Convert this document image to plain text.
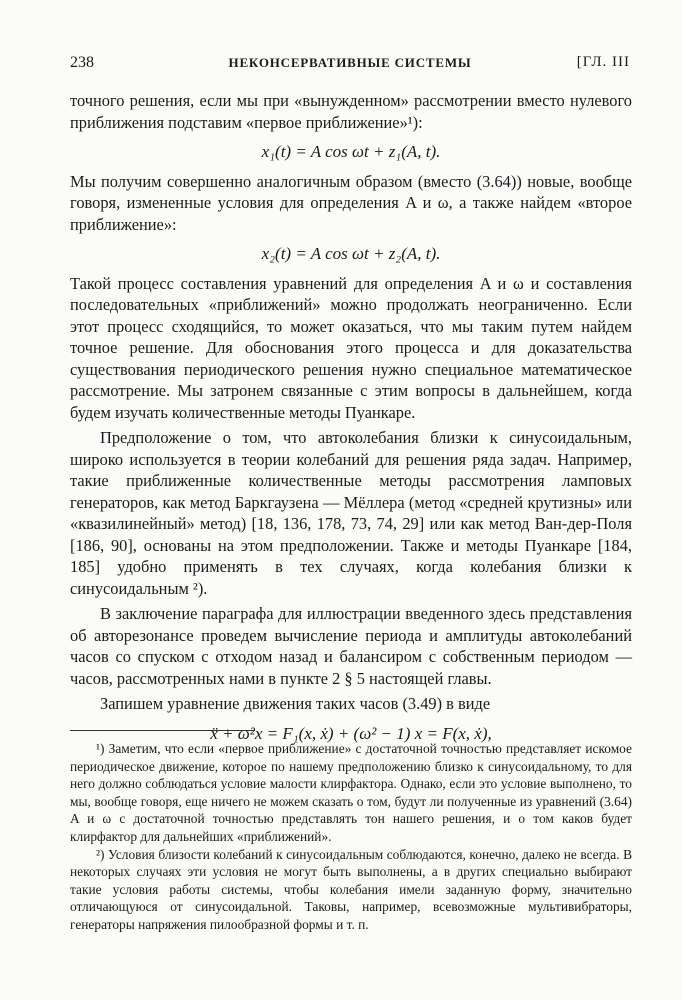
238	НЕКОНСЕРВАТИВНЫЕ СИСТЕМЫ	[ГЛ. III

точного решения, если мы при «вынужденном» рассмотрении вместо нулевого приближения подставим «первое приближение»¹):

x₁(t) = A cos ωt + z₁(A, t).

Мы получим совершенно аналогичным образом (вместо (3.64)) новые, вообще говоря, измененные условия для определения A и ω, а также найдем «второе приближение»:

x₂(t) = A cos ωt + z₂(A, t).

Такой процесс составления уравнений для определения A и ω и составления последовательных «приближений» можно продолжать неограниченно. Если этот процесс сходящийся, то может оказаться, что мы таким путем найдем точное решение. Для обоснования этого процесса и для доказательства существования периодического решения нужно специальное математическое рассмотрение. Мы затронем связанные с этим вопросы в дальнейшем, когда будем изучать количественные методы Пуанкаре.

Предположение о том, что автоколебания близки к синусоидальным, широко используется в теории колебаний для решения ряда задач. Например, такие приближенные количественные методы рассмотрения ламповых генераторов, как метод Баркгаузена — Мёллера (метод «средней крутизны» или «квазилинейный» метод) [18, 136, 178, 73, 74, 29] или как метод Ван-дер-Поля [186, 90], основаны на этом предположении. Также и методы Пуанкаре [184, 185] удобно применять в тех случаях, когда колебания близки к синусоидальным ²).

В заключение параграфа для иллюстрации введенного здесь представления об авторезонансе проведем вычисление периода и амплитуды автоколебаний часов со спуском с отходом назад и балансиром с собственным периодом — часов, рассмотренных нами в пункте 2 § 5 настоящей главы.

Запишем уравнение движения таких часов (3.49) в виде

ẍ + ω²x = F₁(x, ẋ) + (ω² − 1) x = F(x, ẋ),

¹) Заметим, что если «первое приближение» с достаточной точностью представляет искомое периодическое движение, которое по нашему предположению близко к синусоидальному, то для него должно соблюдаться условие малости клирфактора. Однако, если это условие выполнено, то мы, вообще говоря, еще ничего не можем сказать о том, будут ли полученные из уравнений (3.64) A и ω с достаточной точностью представлять тон нашего решения, и о том каков будет клирфактор для дальнейших «приближений».

²) Условия близости колебаний к синусоидальным соблюдаются, конечно, далеко не всегда. В некоторых случаях эти условия не могут быть выполнены, а в других специально выбирают такие условия работы системы, чтобы колебания имели заданную форму, значительно отличающуюся от синусоидальной. Таковы, например, всевозможные мультивибраторы, генераторы напряжения пилообразной формы и т. п.
